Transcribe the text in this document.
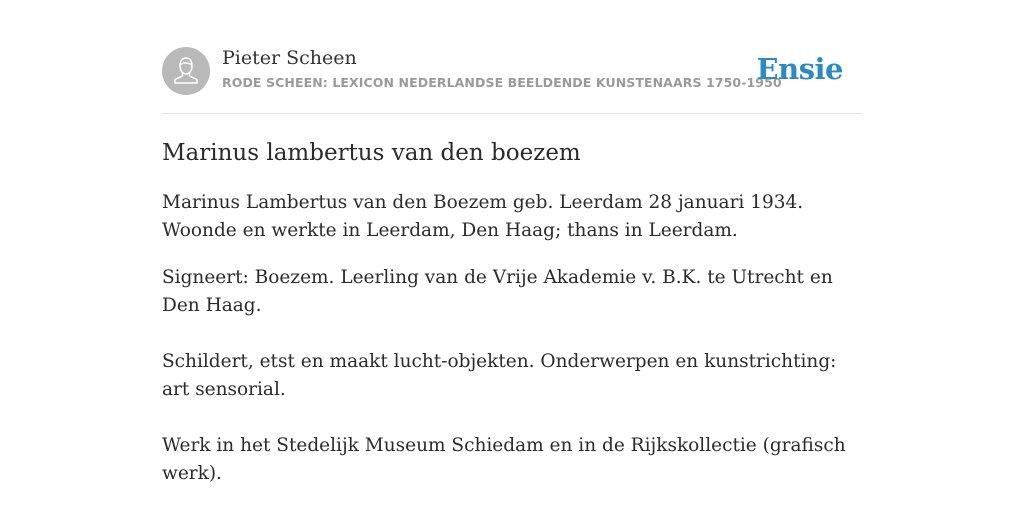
Pieter Scheen
RODE SCHEEN: LEXICON NEDERLANDSE BEELDENDE KUNSTENAARS 1750-1950
Ensie
Marinus lambertus van den boezem

Marinus Lambertus van den Boezem geb. Leerdam 28 januari 1934. Woonde en werkte in Leerdam, Den Haag; thans in Leerdam.

Signeert: Boezem. Leerling van de Vrije Akademie v. B.K. te Utrecht en Den Haag.

Schildert, etst en maakt lucht-objekten. Onderwerpen en kunstrichting: art sensorial.

Werk in het Stedelijk Museum Schiedam en in de Rijkskollectie (grafisch werk).
